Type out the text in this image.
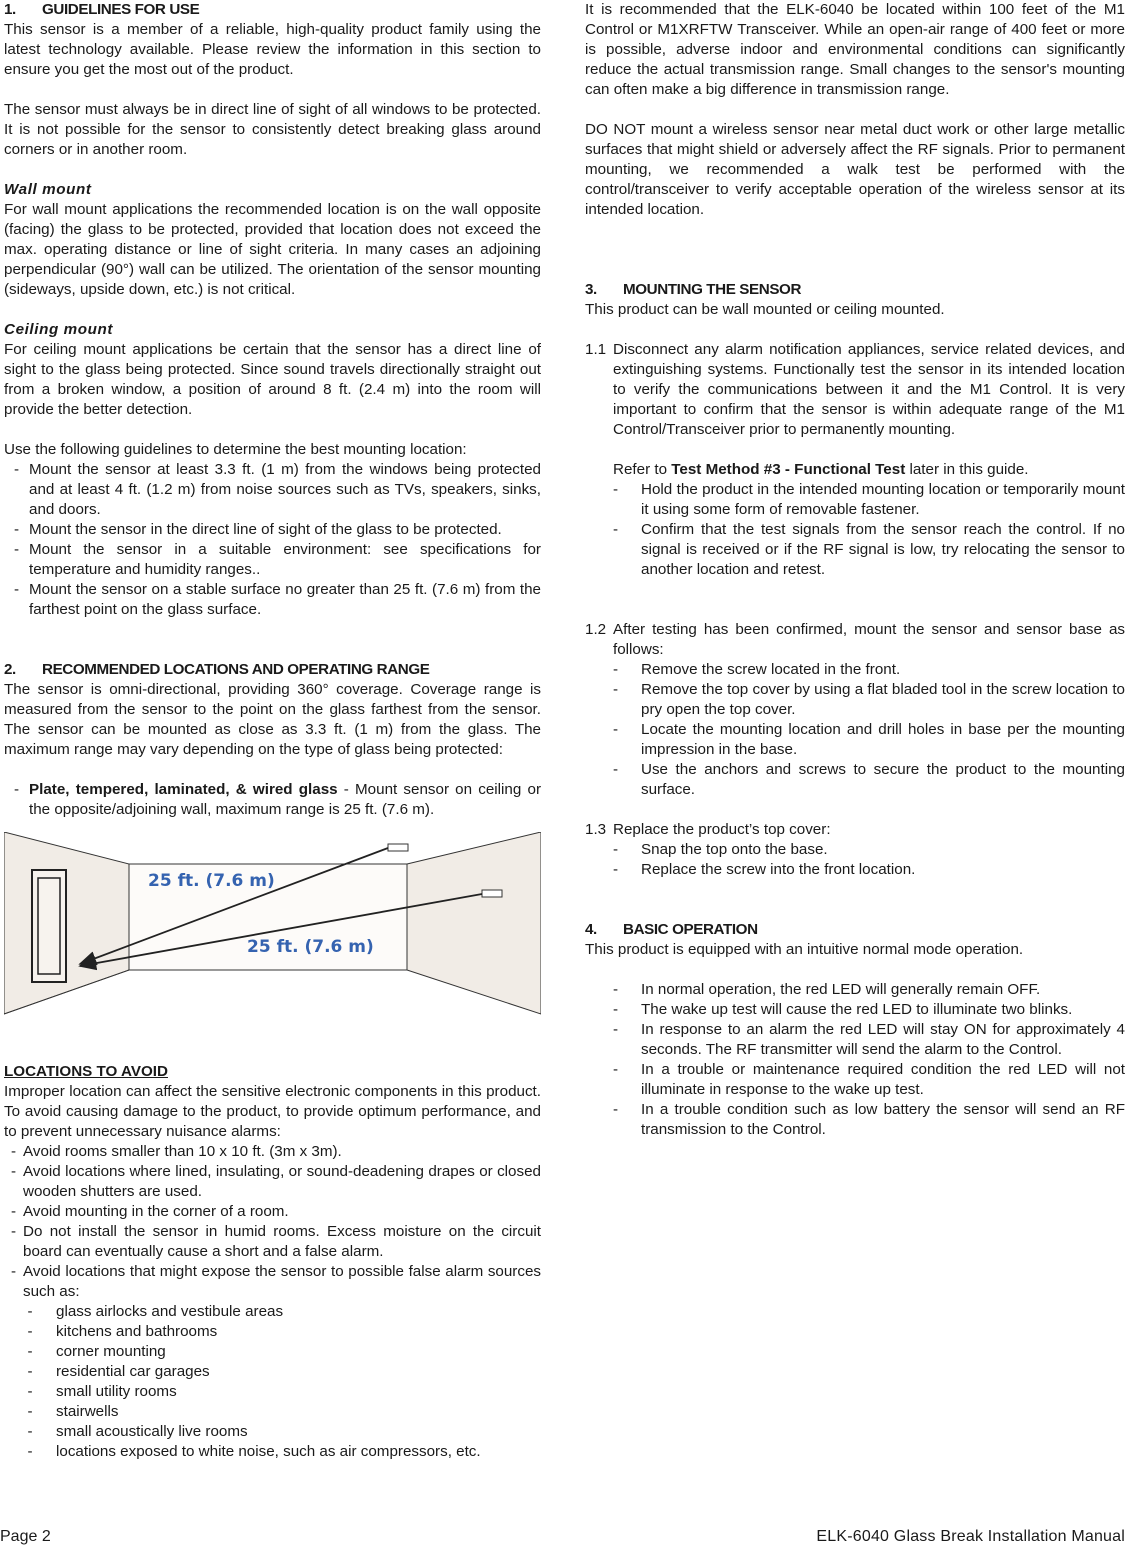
1. GUIDELINES FOR USE

This sensor is a member of a reliable, high-quality product family using the latest technology available. Please review the information in this section to ensure you get the most out of the product.

The sensor must always be in direct line of sight of all windows to be protected. It is not possible for the sensor to consistently detect breaking glass around corners or in another room.

Wall mount

For wall mount applications the recommended location is on the wall opposite (facing) the glass to be protected, provided that location does not exceed the max. operating distance or line of sight criteria. In many cases an adjoining perpendicular (90°) wall can be utilized. The orientation of the sensor mounting (sideways, upside down, etc.) is not critical.

Ceiling mount

For ceiling mount applications be certain that the sensor has a direct line of sight to the glass being protected. Since sound travels directionally straight out from a broken window, a position of around 8 ft. (2.4 m) into the room will provide the better detection.

Use the following guidelines to determine the best mounting location:

- Mount the sensor at least 3.3 ft. (1 m) from the windows being protected and at least 4 ft. (1.2 m) from noise sources such as TVs, speakers, sinks, and doors.
- Mount the sensor in the direct line of sight of the glass to be protected.
- Mount the sensor in a suitable environment: see specifications for temperature and humidity ranges..
- Mount the sensor on a stable surface no greater than 25 ft. (7.6 m) from the farthest point on the glass surface.
2. RECOMMENDED LOCATIONS AND OPERATING RANGE

The sensor is omni-directional, providing 360° coverage. Coverage range is measured from the sensor to the point on the glass farthest from the sensor. The sensor can be mounted as close as 3.3 ft. (1 m) from the glass. The maximum range may vary depending on the type of glass being protected:

- Plate, tempered, laminated, & wired glass - Mount sensor on ceiling or the opposite/adjoining wall, maximum range is 25 ft. (7.6 m).
25 ft. (7.6 m)
25 ft. (7.6 m)
LOCATIONS TO AVOID

Improper location can affect the sensitive electronic components in this product. To avoid causing damage to the product, to provide optimum performance, and to prevent unnecessary nuisance alarms:

- Avoid rooms smaller than 10 x 10 ft. (3m x 3m).
- Avoid locations where lined, insulating, or sound-deadening drapes or closed wooden shutters are used.
- Avoid mounting in the corner of a room.
- Do not install the sensor in humid rooms. Excess moisture on the circuit board can eventually cause a short and a false alarm.
- Avoid locations that might expose the sensor to possible false alarm sources such as:
-	glass airlocks and vestibule areas
-	kitchens and bathrooms
-	corner mounting
-	residential car garages
-	small utility rooms
-	stairwells
-	small acoustically live rooms
-	locations exposed to white noise, such as air compressors, etc.

It is recommended that the ELK-6040 be located within 100 feet of the M1 Control or M1XRFTW Transceiver. While an open-air range of 400 feet or more is possible, adverse indoor and environmental conditions can significantly reduce the actual transmission range. Small changes to the sensor's mounting can often make a big difference in transmission range.

DO NOT mount a wireless sensor near metal duct work or other large metallic surfaces that might shield or adversely affect the RF signals. Prior to permanent mounting, we recommended a walk test be performed with the control/transceiver to verify acceptable operation of the wireless sensor at its intended location.

3. MOUNTING THE SENSOR

This product can be wall mounted or ceiling mounted.

1.1 Disconnect any alarm notification appliances, service related devices, and extinguishing systems. Functionally test the sensor in its intended location to verify the communications between it and the M1 Control. It is very important to confirm that the sensor is within adequate range of the M1 Control/Transceiver prior to permanently mounting.

Refer to Test Method #3 - Functional Test later in this guide.

-	Hold the product in the intended mounting location or temporarily mount it using some form of removable fastener.
-	Confirm that the test signals from the sensor reach the control. If no signal is received or if the RF signal is low, try relocating the sensor to another location and retest.
1.2 After testing has been confirmed, mount the sensor and sensor base as follows:
-	Remove the screw located in the front.
-	Remove the top cover by using a flat bladed tool in the screw location to pry open the top cover.
-	Locate the mounting location and drill holes in base per the mounting impression in the base.
-	Use the anchors and screws to secure the product to the mounting surface.
1.3 Replace the product’s top cover:
-	Snap the top onto the base.
-	Replace the screw into the front location.
4. BASIC OPERATION

This product is equipped with an intuitive normal mode operation.

-	In normal operation, the red LED will generally remain OFF.
-	The wake up test will cause the red LED to illuminate two blinks.
-	In response to an alarm the red LED will stay ON for approximately 4 seconds. The RF transmitter will send the alarm to the Control.
-	In a trouble or maintenance required condition the red LED will not illuminate in response to the wake up test.
-	In a trouble condition such as low battery the sensor will send an RF transmission to the Control.
Page 2	ELK-6040 Glass Break Installation Manual
